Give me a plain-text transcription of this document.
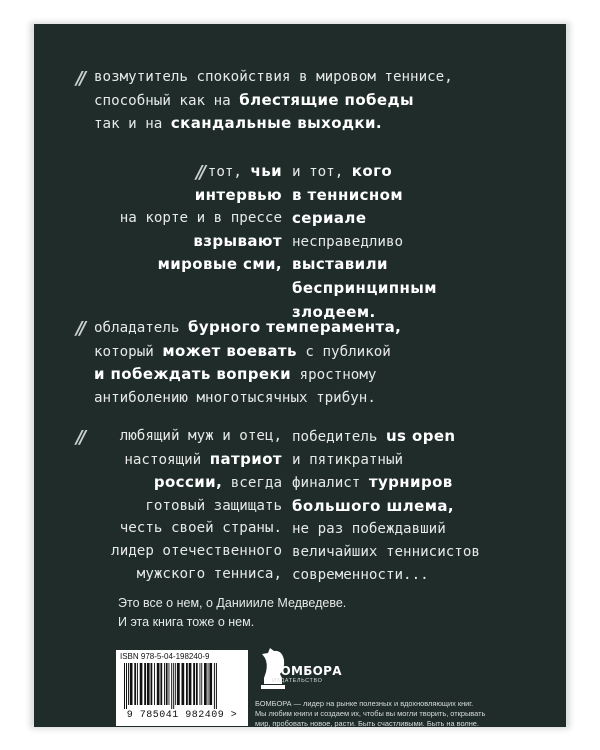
// возмутитель спокойствия в мировом теннисе,
способный как на блестящие победы
так и на скандальные выходки.
// тот, чьи
интервью
на корте и в прессе
взрывают
мировые сми,
и тот, кого
в теннисном
сериале
несправедливо
выставили
беспринципным
злодеем.
// обладатель бурного темперамента,
который может воевать с публикой
и побеждать вопреки яростному
антиболению многотысячных трибун.
//	любящий муж и отец,
настоящий патриот
россии, всегда
готовый защищать
честь своей страны.
лидер отечественного
мужского тенниса,
победитель us open
и пятикратный
финалист турниров
большого шлема,
не раз побеждавший
величайших теннисистов
современности...
Это все о нем, о Даниииле Медведеве.
И эта книга тоже о нем.
ISBN 978-5-04-198240-9
9 785041 982409 >
БОМБОРА
ИЗДАТЕЛЬСТВО
БОМБОРА — лидер на рынке полезных и вдохновляющих книг.
Мы любим книги и создаем их, чтобы вы могли творить, открывать
мир, пробовать новое, расти. Быть счастливыми. Быть на волне.
